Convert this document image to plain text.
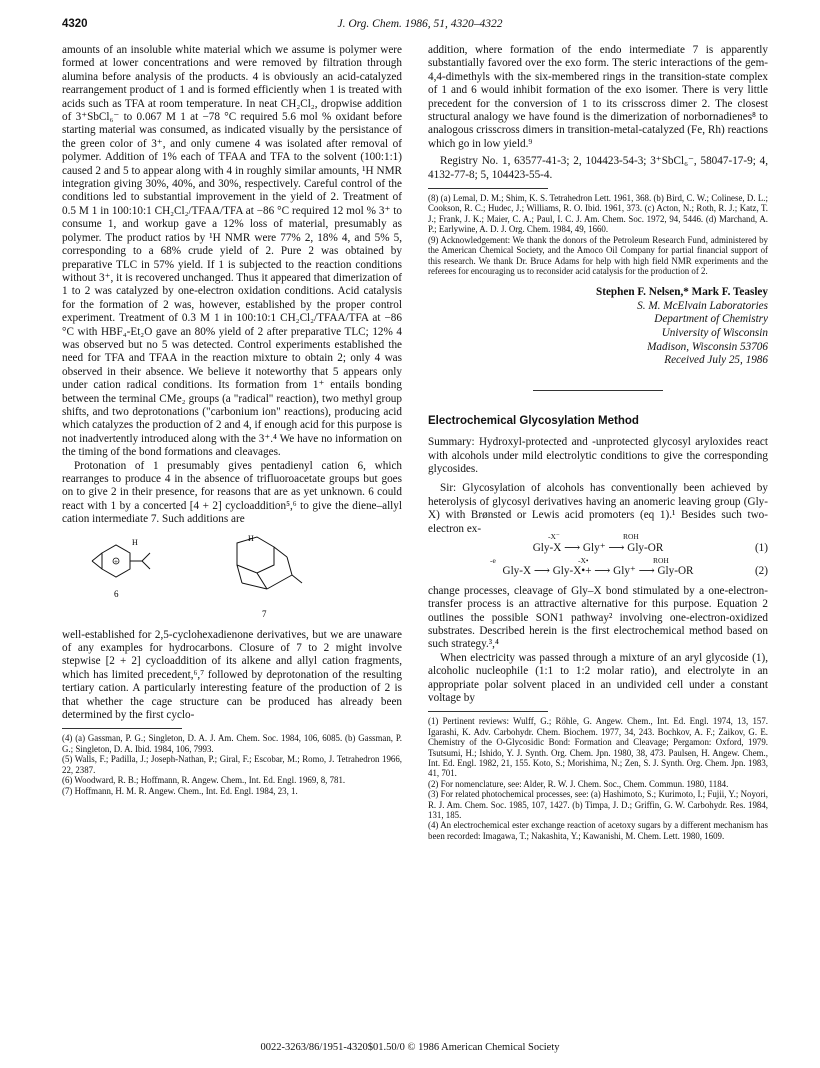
4320	J. Org. Chem. 1986, 51, 4320–4322

amounts of an insoluble white material which we assume is polymer were formed at lower concentrations and were removed by filtration through alumina before analysis of the products. 4 is obviously an acid-catalyzed rearrangement product of 1 and is formed efficiently when 1 is treated with acids such as TFA at room temperature. In neat CH₂Cl₂, dropwise addition of 3⁺SbCl₆⁻ to 0.067 M 1 at −78 °C required 5.6 mol % oxidant before starting material was consumed, as indicated visually by the persistance of the green color of 3⁺, and only cumene 4 was isolated after removal of polymer. Addition of 1% each of TFAA and TFA to the solvent (100:1:1) caused 2 and 5 to appear along with 4 in roughly similar amounts, ¹H NMR integration giving 30%, 40%, and 30%, respectively. Careful control of the conditions led to substantial improvement in the yield of 2. Treatment of 0.5 M 1 in 100:10:1 CH₂Cl₂/TFAA/TFA at −86 °C required 12 mol % 3⁺ to consume 1, and workup gave a 12% loss of material, presumably as polymer. The product ratios by ¹H NMR were 77% 2, 18% 4, and 5% 5, corresponding to a 68% crude yield of 2. Pure 2 was obtained by preparative TLC in 57% yield. If 1 is subjected to the reaction conditions without 3⁺, it is recovered unchanged. Thus it appeared that dimerization of 1 to 2 was catalyzed by one-electron oxidation conditions. Acid catalysis for the formation of 2 was, however, established by the proper control experiment. Treatment of 0.3 M 1 in 100:10:1 CH₂Cl₂/TFAA/TFA at −86 °C with HBF₄-Et₂O gave an 80% yield of 2 after preparative TLC; 12% 4 was observed but no 5 was detected. Control experiments established the need for TFA and TFAA in the reaction mixture to obtain 2; only 4 was observed in their absence. We believe it noteworthy that 5 appears only under cation radical conditions. Its formation from 1⁺ entails bonding between the terminal CMe₂ groups (a "radical" reaction), two methyl group shifts, and two deprotonations ("carbonium ion" reactions), producing acid which catalyzes the production of 2 and 4, if enough acid for this purpose is not inadvertently introduced along with the 3⁺.⁴ We have no information on the timing of the bond formations and cleavages.

Protonation of 1 presumably gives pentadienyl cation 6, which rearranges to produce 4 in the absence of trifluoroacetate groups but goes on to give 2 in their presence, for reasons that are as yet unknown. 6 could react with 1 by a concerted [4 + 2] cycloaddition⁵,⁶ to give the diene–allyl cation intermediate 7. Such additions are

+
H	H
6
7

well-established for 2,5-cyclohexadienone derivatives, but we are unaware of any examples for hydrocarbons. Closure of 7 to 2 might involve stepwise [2 + 2] cycloaddition of its alkene and allyl cation fragments, which has limited precedent,⁶,⁷ followed by deprotonation of the resulting tertiary cation. A particularly interesting feature of the production of 2 is that whether the cage structure can be produced has already been determined by the first cyclo-

(4) (a) Gassman, P. G.; Singleton, D. A. J. Am. Chem. Soc. 1984, 106, 6085. (b) Gassman, P. G.; Singleton, D. A. Ibid. 1984, 106, 7993.
(5) Walls, F.; Padilla, J.; Joseph-Nathan, P.; Giral, F.; Escobar, M.; Romo, J. Tetrahedron 1966, 22, 2387.
(6) Woodward, R. B.; Hoffmann, R. Angew. Chem., Int. Ed. Engl. 1969, 8, 781.
(7) Hoffmann, H. M. R. Angew. Chem., Int. Ed. Engl. 1984, 23, 1.

addition, where formation of the endo intermediate 7 is apparently substantially favored over the exo form. The steric interactions of the gem-4,4-dimethyls with the six-membered rings in the transition-state complex of 1 and 6 would inhibit formation of the exo isomer. There is very little precedent for the conversion of 1 to its crisscross dimer 2. The closest structural analogy we have found is the dimerization of norbornadienes⁸ to analogous crisscross dimers in transition-metal-catalyzed (Fe, Rh) reactions which go in low yield.⁹

Registry No. 1, 63577-41-3; 2, 104423-54-3; 3⁺SbCl₆⁻, 58047-17-9; 4, 4132-77-8; 5, 104423-55-4.

(8) (a) Lemal, D. M.; Shim, K. S. Tetrahedron Lett. 1961, 368. (b) Bird, C. W.; Colinese, D. L.; Cookson, R. C.; Hudec, J.; Williams, R. O. Ibid. 1961, 373. (c) Acton, N.; Roth, R. J.; Katz, T. J.; Frank, J. K.; Maier, C. A.; Paul, I. C. J. Am. Chem. Soc. 1972, 94, 5446. (d) Marchand, A. P.; Earlywine, A. D. J. Org. Chem. 1984, 49, 1660.
(9) Acknowledgement: We thank the donors of the Petroleum Research Fund, administered by the American Chemical Society, and the Amoco Oil Company for partial financial support of this research. We thank Dr. Bruce Adams for help with high field NMR experiments and the referees for encouraging us to reconsider acid catalysis for the production of 2.
Stephen F. Nelsen,* Mark F. Teasley
S. M. McElvain Laboratories
Department of Chemistry
University of Wisconsin
Madison, Wisconsin 53706
Received July 25, 1986
Electrochemical Glycosylation Method

Summary: Hydroxyl-protected and -unprotected glycosyl aryloxides react with alcohols under mild electrolytic conditions to give the corresponding glycosides.

Sir: Glycosylation of alcohols has conventionally been achieved by heterolysis of glycosyl derivatives having an anomeric leaving group (Gly-X) with Brønsted or Lewis acid promoters (eq 1).¹ Besides such two-electron ex-

Gly-X ⟶ Gly⁺ ⟶ Gly-OR	(1)
-X⁻	ROH
Gly-X ⟶ Gly-X•+ ⟶ Gly⁺ ⟶ Gly-OR	(2)
-e	-X•	ROH

change processes, cleavage of Gly–X bond stimulated by a one-electron-transfer process is an attractive alternative for this purpose. Equation 2 outlines the possible SON1 pathway² involving one-electron-oxidized substrates. Described herein is the first electrochemical method based on such strategy.³,⁴

When electricity was passed through a mixture of an aryl glycoside (1), alcoholic nucleophile (1:1 to 1:2 molar ratio), and electrolyte in an appropriate polar solvent placed in an undivided cell under a constant voltage by

(1) Pertinent reviews: Wulff, G.; Röhle, G. Angew. Chem., Int. Ed. Engl. 1974, 13, 157. Igarashi, K. Adv. Carbohydr. Chem. Biochem. 1977, 34, 243. Bochkov, A. F.; Zaikov, G. E. Chemistry of the O-Glycosidic Bond: Formation and Cleavage; Pergamon: Oxford, 1979. Tsutsumi, H.; Ishido, Y. J. Synth. Org. Chem. Jpn. 1980, 38, 473. Paulsen, H. Angew. Chem., Int. Ed. Engl. 1982, 21, 155. Koto, S.; Morishima, N.; Zen, S. J. Synth. Org. Chem. Jpn. 1983, 41, 701.
(2) For nomenclature, see: Alder, R. W. J. Chem. Soc., Chem. Commun. 1980, 1184.
(3) For related photochemical processes, see: (a) Hashimoto, S.; Kurimoto, I.; Fujii, Y.; Noyori, R. J. Am. Chem. Soc. 1985, 107, 1427. (b) Timpa, J. D.; Griffin, G. W. Carbohydr. Res. 1984, 131, 185.
(4) An electrochemical ester exchange reaction of acetoxy sugars by a different mechanism has been recorded: Imagawa, T.; Nakashita, Y.; Kawanishi, M. Chem. Lett. 1980, 1609.
0022-3263/86/1951-4320$01.50/0 © 1986 American Chemical Society
